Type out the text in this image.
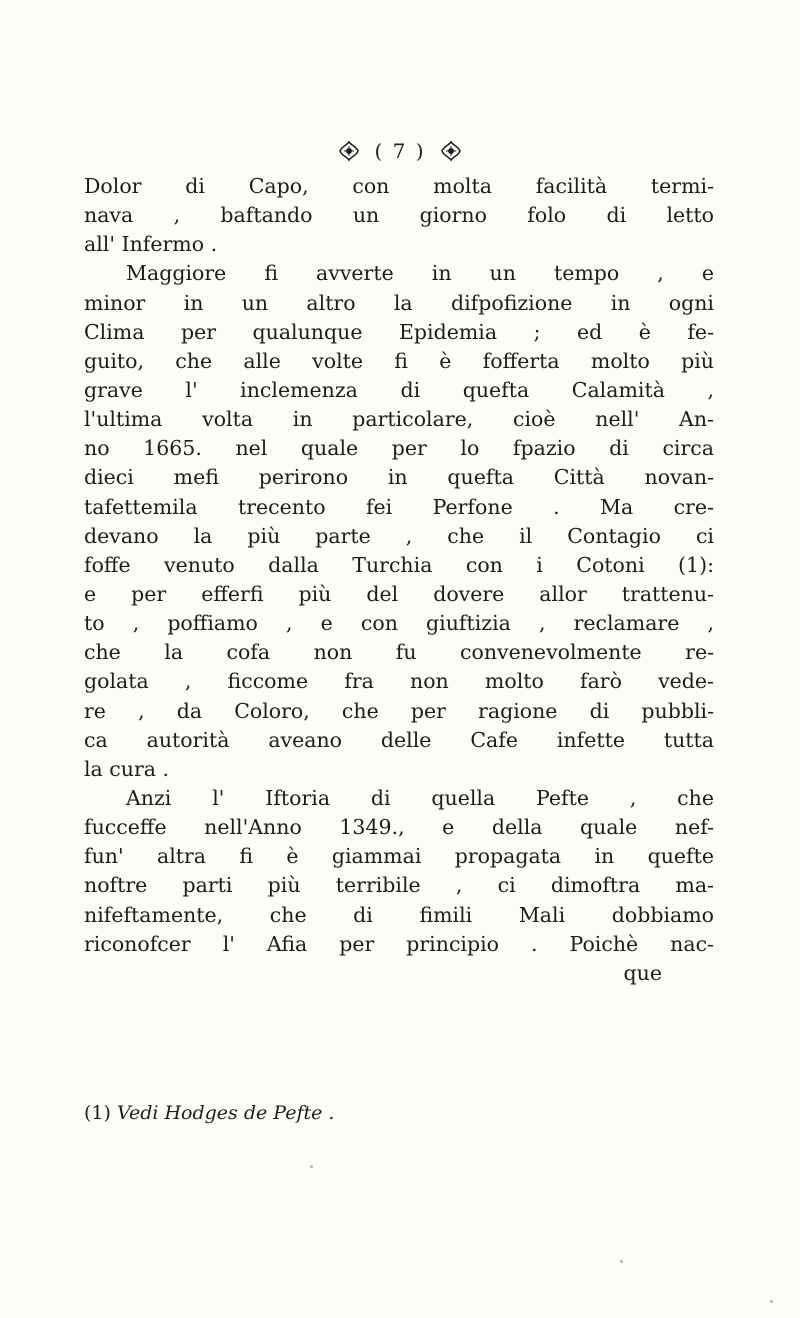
( 7 )
Dolor di Capo, con molta facilità termi-
nava , baftando un giorno folo di letto
all' Infermo .
Maggiore fi avverte in un tempo , e
minor in un altro la difpofizione in ogni
Clima per qualunque Epidemia ; ed è fe-
guito, che alle volte fi è fofferta molto più
grave l' inclemenza di quefta Calamità ,
l'ultima volta in particolare, cioè nell' An-
no 1665. nel quale per lo fpazio di circa
dieci mefi perirono in quefta Città novan-
tafettemila trecento fei Perfone . Ma cre-
devano la più parte , che il Contagio ci
foffe venuto dalla Turchia con i Cotoni (1):
e per efferfi più del dovere allor trattenu-
to , poffiamo , e con giuftizia , reclamare ,
che la cofa non fu convenevolmente re-
golata , ficcome fra non molto farò vede-
re , da Coloro, che per ragione di pubbli-
ca autorità aveano delle Cafe infette tutta
la cura .
Anzi l' Iftoria di quella Pefte , che
fucceffe nell'Anno 1349., e della quale nef-
fun' altra fi è giammai propagata in quefte
noftre parti più terribile , ci dimoftra ma-
nifeftamente, che di fimili Mali dobbiamo
riconofcer l' Afia per principio . Poichè nac-
que
(1) Vedi Hodges de Pefte .
